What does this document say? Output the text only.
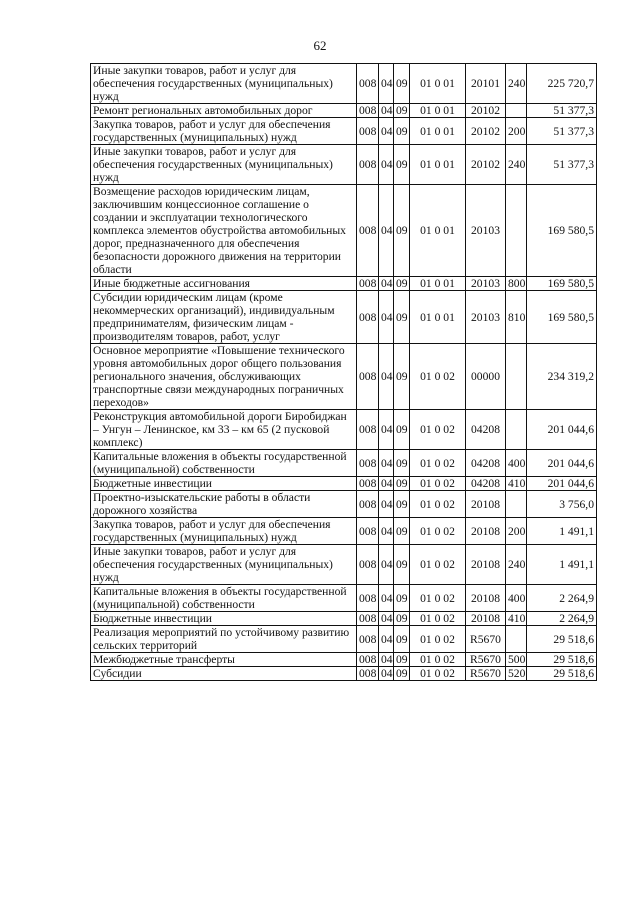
62
Иные закупки товаров, работ и услуг для обеспечения государственных (муниципальных) нужд	008	04	09	01 0 01	20101	240	225 720,7
Ремонт региональных автомобильных дорог	008	04	09	01 0 01	20102		51 377,3
Закупка товаров, работ и услуг для обеспечения государственных (муниципальных) нужд	008	04	09	01 0 01	20102	200	51 377,3
Иные закупки товаров, работ и услуг для обеспечения государственных (муниципальных) нужд	008	04	09	01 0 01	20102	240	51 377,3
Возмещение расходов юридическим лицам, заключившим концессионное соглашение о создании и эксплуатации технологического комплекса элементов обустройства автомобильных дорог, предназначенного для обеспечения безопасности дорожного движения на территории области	008	04	09	01 0 01	20103		169 580,5
Иные бюджетные ассигнования	008	04	09	01 0 01	20103	800	169 580,5
Субсидии юридическим лицам (кроме некоммерческих организаций), индивидуальным предпринимателям, физическим лицам - производителям товаров, работ, услуг	008	04	09	01 0 01	20103	810	169 580,5
Основное мероприятие «Повышение технического уровня автомобильных дорог общего пользования регионального значения, обслуживающих транспортные связи международных пограничных переходов»	008	04	09	01 0 02	00000		234 319,2
Реконструкция автомобильной дороги Биробиджан – Унгун – Ленинское, км 33 – км 65 (2 пусковой комплекс)	008	04	09	01 0 02	04208		201 044,6
Капитальные вложения в объекты государственной (муниципальной) собственности	008	04	09	01 0 02	04208	400	201 044,6
Бюджетные инвестиции	008	04	09	01 0 02	04208	410	201 044,6
Проектно-изыскательские работы в области дорожного хозяйства	008	04	09	01 0 02	20108		3 756,0
Закупка товаров, работ и услуг для обеспечения государственных (муниципальных) нужд	008	04	09	01 0 02	20108	200	1 491,1
Иные закупки товаров, работ и услуг для обеспечения государственных (муниципальных) нужд	008	04	09	01 0 02	20108	240	1 491,1
Капитальные вложения в объекты государственной (муниципальной) собственности	008	04	09	01 0 02	20108	400	2 264,9
Бюджетные инвестиции	008	04	09	01 0 02	20108	410	2 264,9
Реализация мероприятий по устойчивому развитию сельских территорий	008	04	09	01 0 02	R5670		29 518,6
Межбюджетные трансферты	008	04	09	01 0 02	R5670	500	29 518,6
Субсидии	008	04	09	01 0 02	R5670	520	29 518,6
